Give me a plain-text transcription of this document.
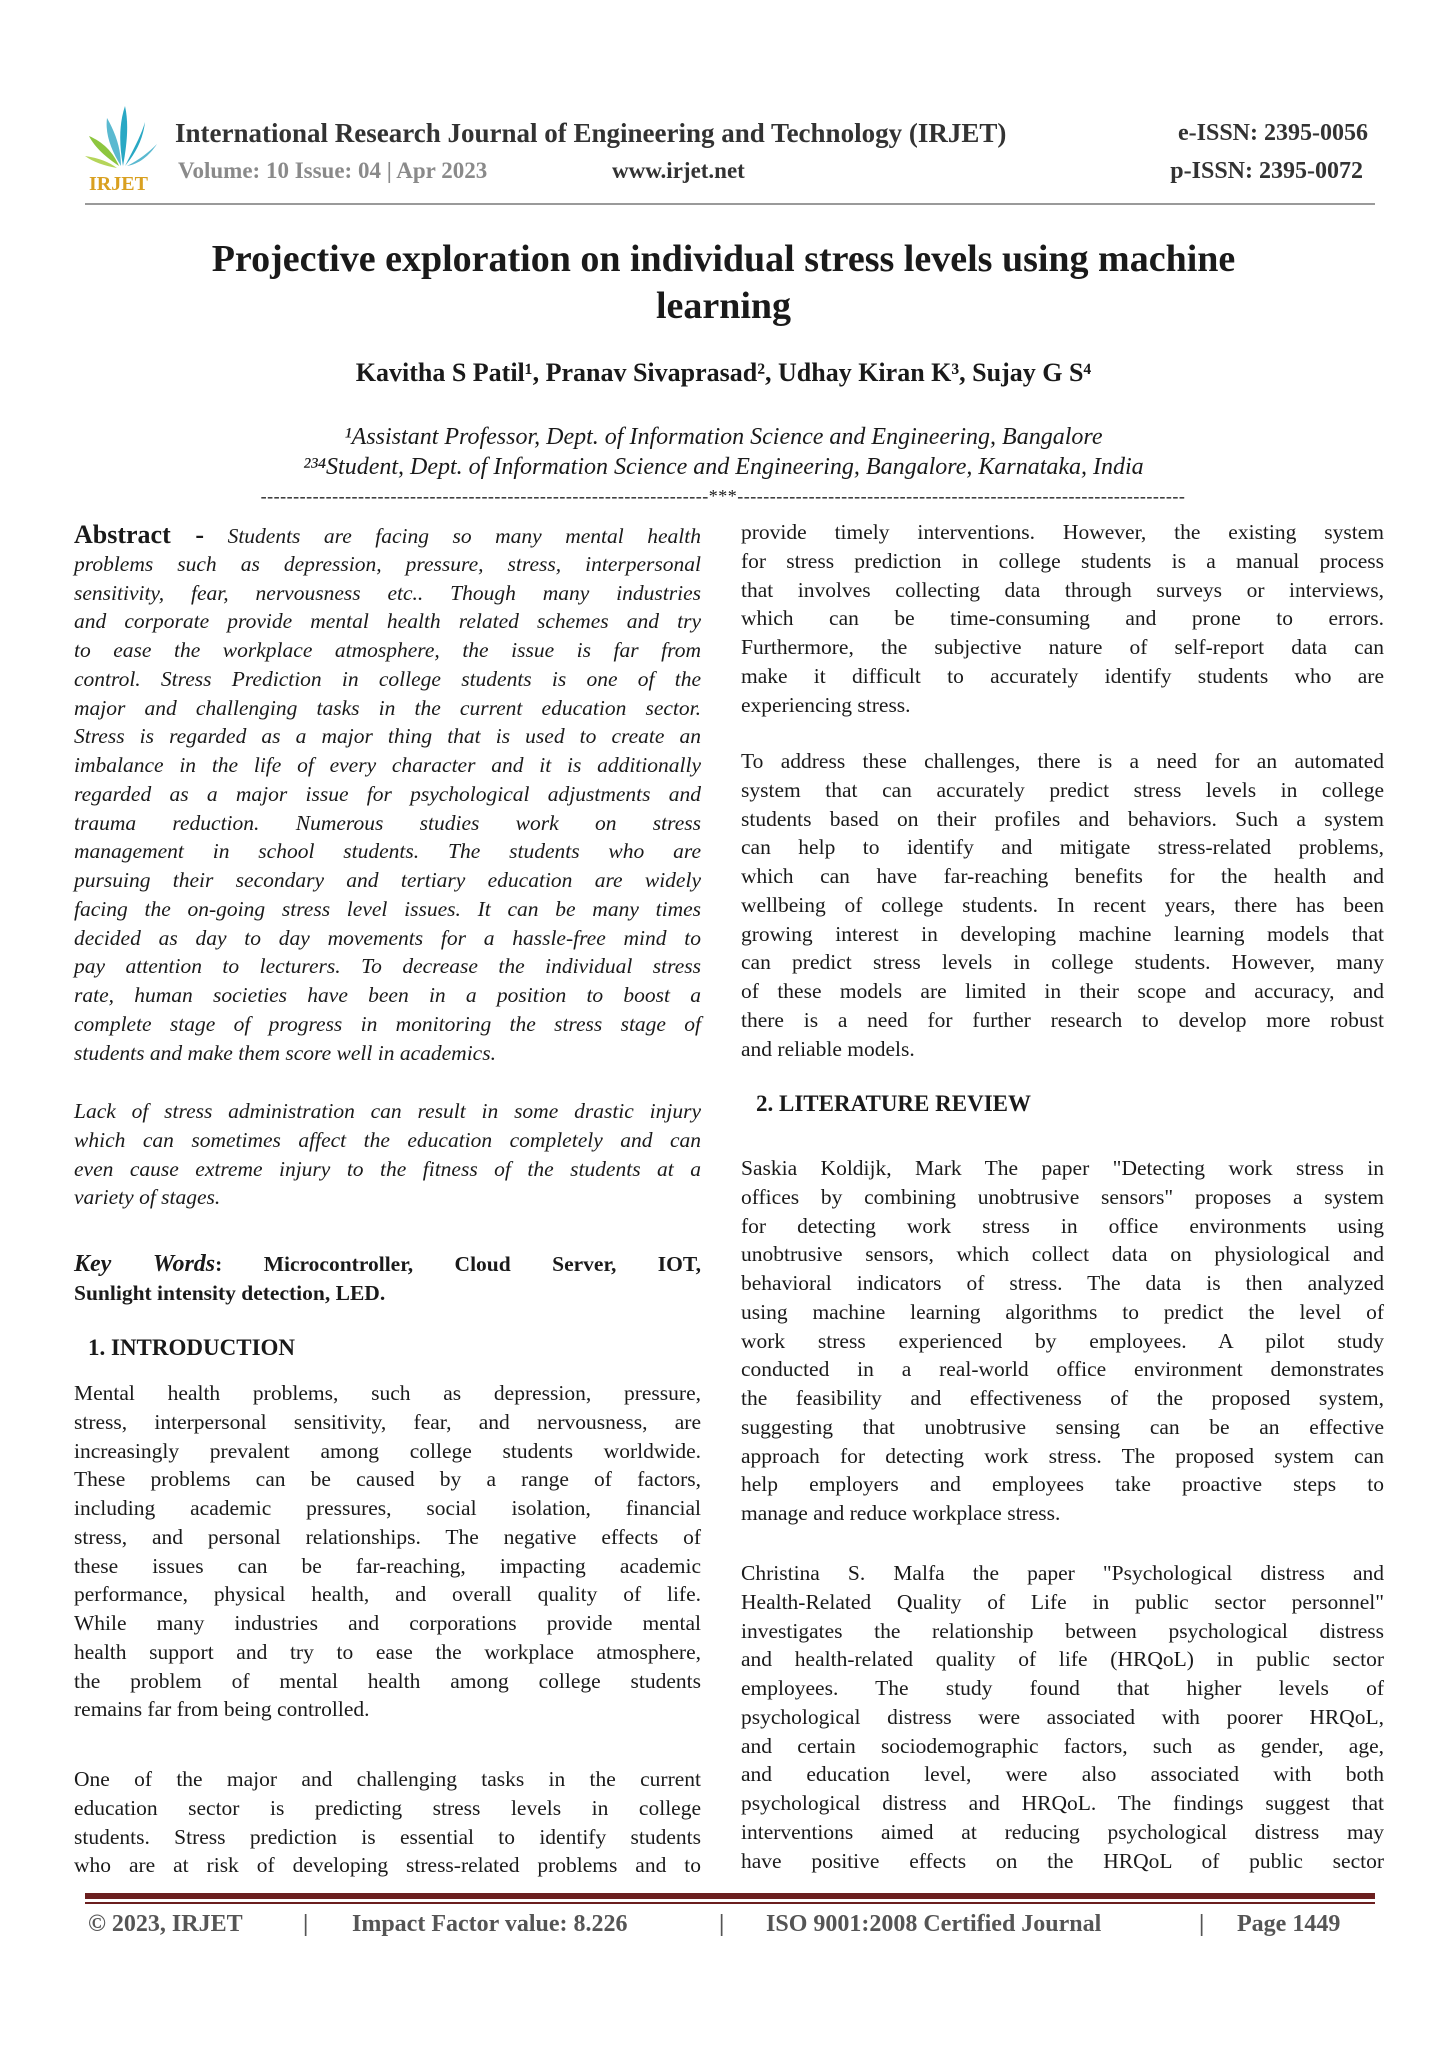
IRJET
International Research Journal of Engineering and Technology (IRJET)
Volume: 10 Issue: 04 | Apr 2023	www.irjet.net
e-ISSN: 2395-0056
p-ISSN: 2395-0072
Projective exploration on individual stress levels using machine
learning
Kavitha S Patil¹, Pranav Sivaprasad², Udhay Kiran K³, Sujay G S⁴
¹Assistant Professor, Dept. of Information Science and Engineering, Bangalore
²³⁴Student, Dept. of Information Science and Engineering, Bangalore, Karnataka, India
---------------------------------------------------------------------***---------------------------------------------------------------------
Abstract - Students are facing so many mental health
problems such as depression, pressure, stress, interpersonal
sensitivity, fear, nervousness etc.. Though many industries
and corporate provide mental health related schemes and try
to ease the workplace atmosphere, the issue is far from
control. Stress Prediction in college students is one of the
major and challenging tasks in the current education sector.
Stress is regarded as a major thing that is used to create an
imbalance in the life of every character and it is additionally
regarded as a major issue for psychological adjustments and
trauma reduction. Numerous studies work on stress
management in school students. The students who are
pursuing their secondary and tertiary education are widely
facing the on-going stress level issues. It can be many times
decided as day to day movements for a hassle-free mind to
pay attention to lecturers. To decrease the individual stress
rate, human societies have been in a position to boost a
complete stage of progress in monitoring the stress stage of
students and make them score well in academics.
Lack of stress administration can result in some drastic injury
which can sometimes affect the education completely and can
even cause extreme injury to the fitness of the students at a
variety of stages.
Key Words: Microcontroller, Cloud Server, IOT,
Sunlight intensity detection, LED.
1. INTRODUCTION
Mental health problems, such as depression, pressure,
stress, interpersonal sensitivity, fear, and nervousness, are
increasingly prevalent among college students worldwide.
These problems can be caused by a range of factors,
including academic pressures, social isolation, financial
stress, and personal relationships. The negative effects of
these issues can be far-reaching, impacting academic
performance, physical health, and overall quality of life.
While many industries and corporations provide mental
health support and try to ease the workplace atmosphere,
the problem of mental health among college students
remains far from being controlled.
One of the major and challenging tasks in the current
education sector is predicting stress levels in college
students. Stress prediction is essential to identify students
who are at risk of developing stress-related problems and to
provide timely interventions. However, the existing system
for stress prediction in college students is a manual process
that involves collecting data through surveys or interviews,
which can be time-consuming and prone to errors.
Furthermore, the subjective nature of self-report data can
make it difficult to accurately identify students who are
experiencing stress.
To address these challenges, there is a need for an automated
system that can accurately predict stress levels in college
students based on their profiles and behaviors. Such a system
can help to identify and mitigate stress-related problems,
which can have far-reaching benefits for the health and
wellbeing of college students. In recent years, there has been
growing interest in developing machine learning models that
can predict stress levels in college students. However, many
of these models are limited in their scope and accuracy, and
there is a need for further research to develop more robust
and reliable models.
2. LITERATURE REVIEW
Saskia Koldijk, Mark The paper "Detecting work stress in
offices by combining unobtrusive sensors" proposes a system
for detecting work stress in office environments using
unobtrusive sensors, which collect data on physiological and
behavioral indicators of stress. The data is then analyzed
using machine learning algorithms to predict the level of
work stress experienced by employees. A pilot study
conducted in a real-world office environment demonstrates
the feasibility and effectiveness of the proposed system,
suggesting that unobtrusive sensing can be an effective
approach for detecting work stress. The proposed system can
help employers and employees take proactive steps to
manage and reduce workplace stress.
Christina S. Malfa the paper "Psychological distress and
Health-Related Quality of Life in public sector personnel"
investigates the relationship between psychological distress
and health-related quality of life (HRQoL) in public sector
employees. The study found that higher levels of
psychological distress were associated with poorer HRQoL,
and certain sociodemographic factors, such as gender, age,
and education level, were also associated with both
psychological distress and HRQoL. The findings suggest that
interventions aimed at reducing psychological distress may
have positive effects on the HRQoL of public sector
© 2023, IRJET	| Impact Factor value: 8.226	| ISO 9001:2008 Certified Journal	| Page 1449
